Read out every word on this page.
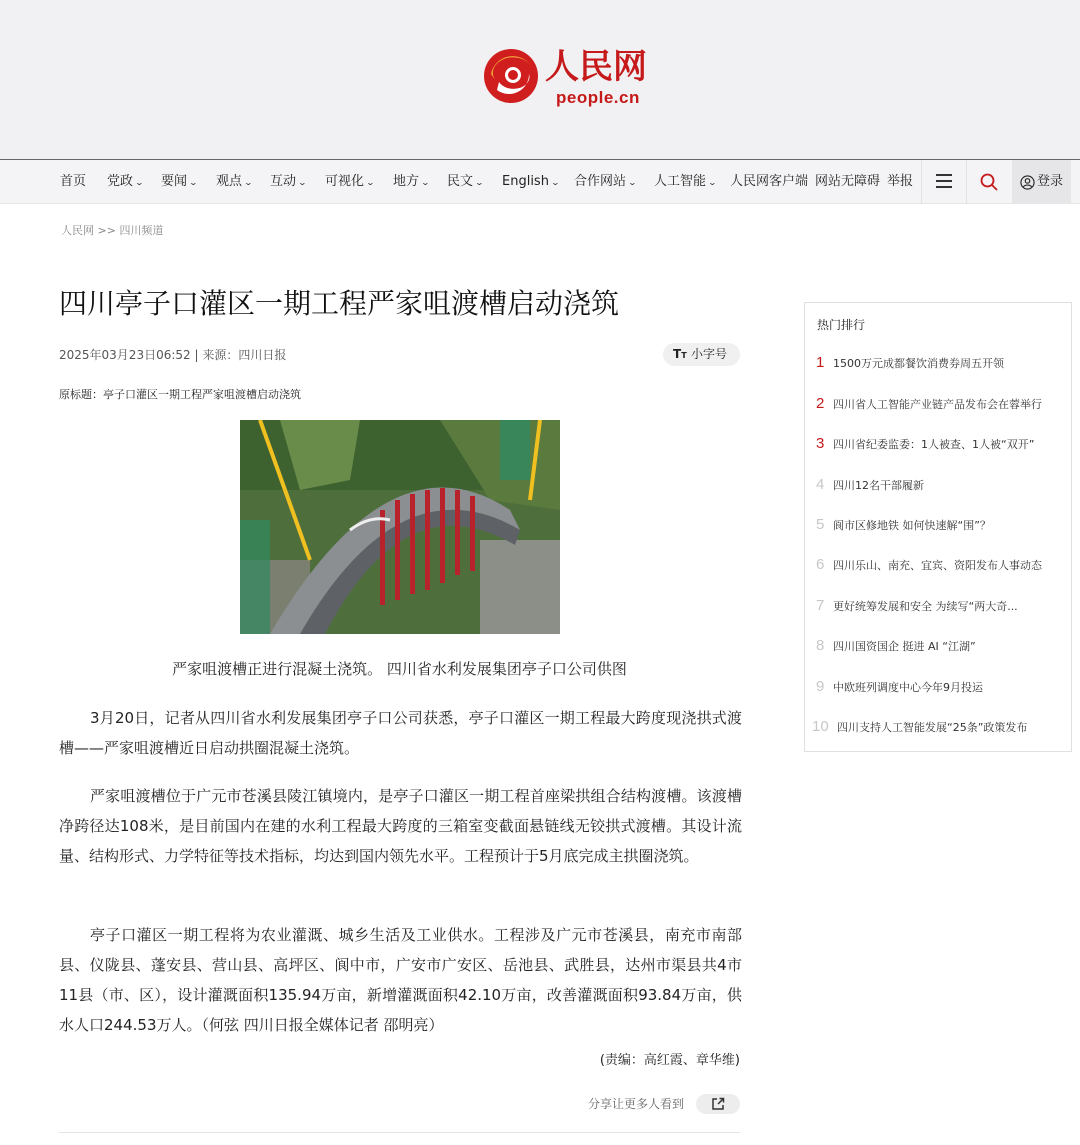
人民网
people.cn
首页 党政 ⌄ 要闻 ⌄ 观点 ⌄ 互动 ⌄ 可视化 ⌄ 地方 ⌄ 民文 ⌄ English ⌄ 合作网站 ⌄ 人工智能 ⌄ 人民网客户端 网站无障碍 举报	登录
人民网 >> 四川频道
四川亭子口灌区一期工程严家咀渡槽启动浇筑
2025年03月23日06:52 | 来源：四川日报	TT 小字号
原标题：亭子口灌区一期工程严家咀渡槽启动浇筑
严家咀渡槽正进行混凝土浇筑。 四川省水利发展集团亭子口公司供图

3月20日，记者从四川省水利发展集团亭子口公司获悉，亭子口灌区一期工程最大跨度现浇拱式渡槽——严家咀渡槽近日启动拱圈混凝土浇筑。

严家咀渡槽位于广元市苍溪县陵江镇境内，是亭子口灌区一期工程首座梁拱组合结构渡槽。该渡槽净跨径达108米，是目前国内在建的水利工程最大跨度的三箱室变截面悬链线无铰拱式渡槽。其设计流量、结构形式、力学特征等技术指标，均达到国内领先水平。工程预计于5月底完成主拱圈浇筑。

亭子口灌区一期工程将为农业灌溉、城乡生活及工业供水。工程涉及广元市苍溪县，南充市南部县、仪陇县、蓬安县、营山县、高坪区、阆中市，广安市广安区、岳池县、武胜县，达州市渠县共4市11县（市、区），设计灌溉面积135.94万亩，新增灌溉面积42.10万亩，改善灌溉面积93.84万亩，供水人口244.53万人。（何弦 四川日报全媒体记者 邵明亮）

(责编：高红霞、章华维)
分享让更多人看到
热门排行
1 1500万元成都餐饮消费券周五开领
2 四川省人工智能产业链产品发布会在蓉举行
3 四川省纪委监委：1人被查、1人被“双开”
4 四川12名干部履新
5 阆市区修地铁 如何快速解“围”？
6 四川乐山、南充、宜宾、资阳发布人事动态
7 更好统筹发展和安全 为续写“两大奇...
8 四川国资国企 挺进 AI “江湖”
9 中欧班列调度中心今年9月投运
10 四川支持人工智能发展“25条”政策发布
